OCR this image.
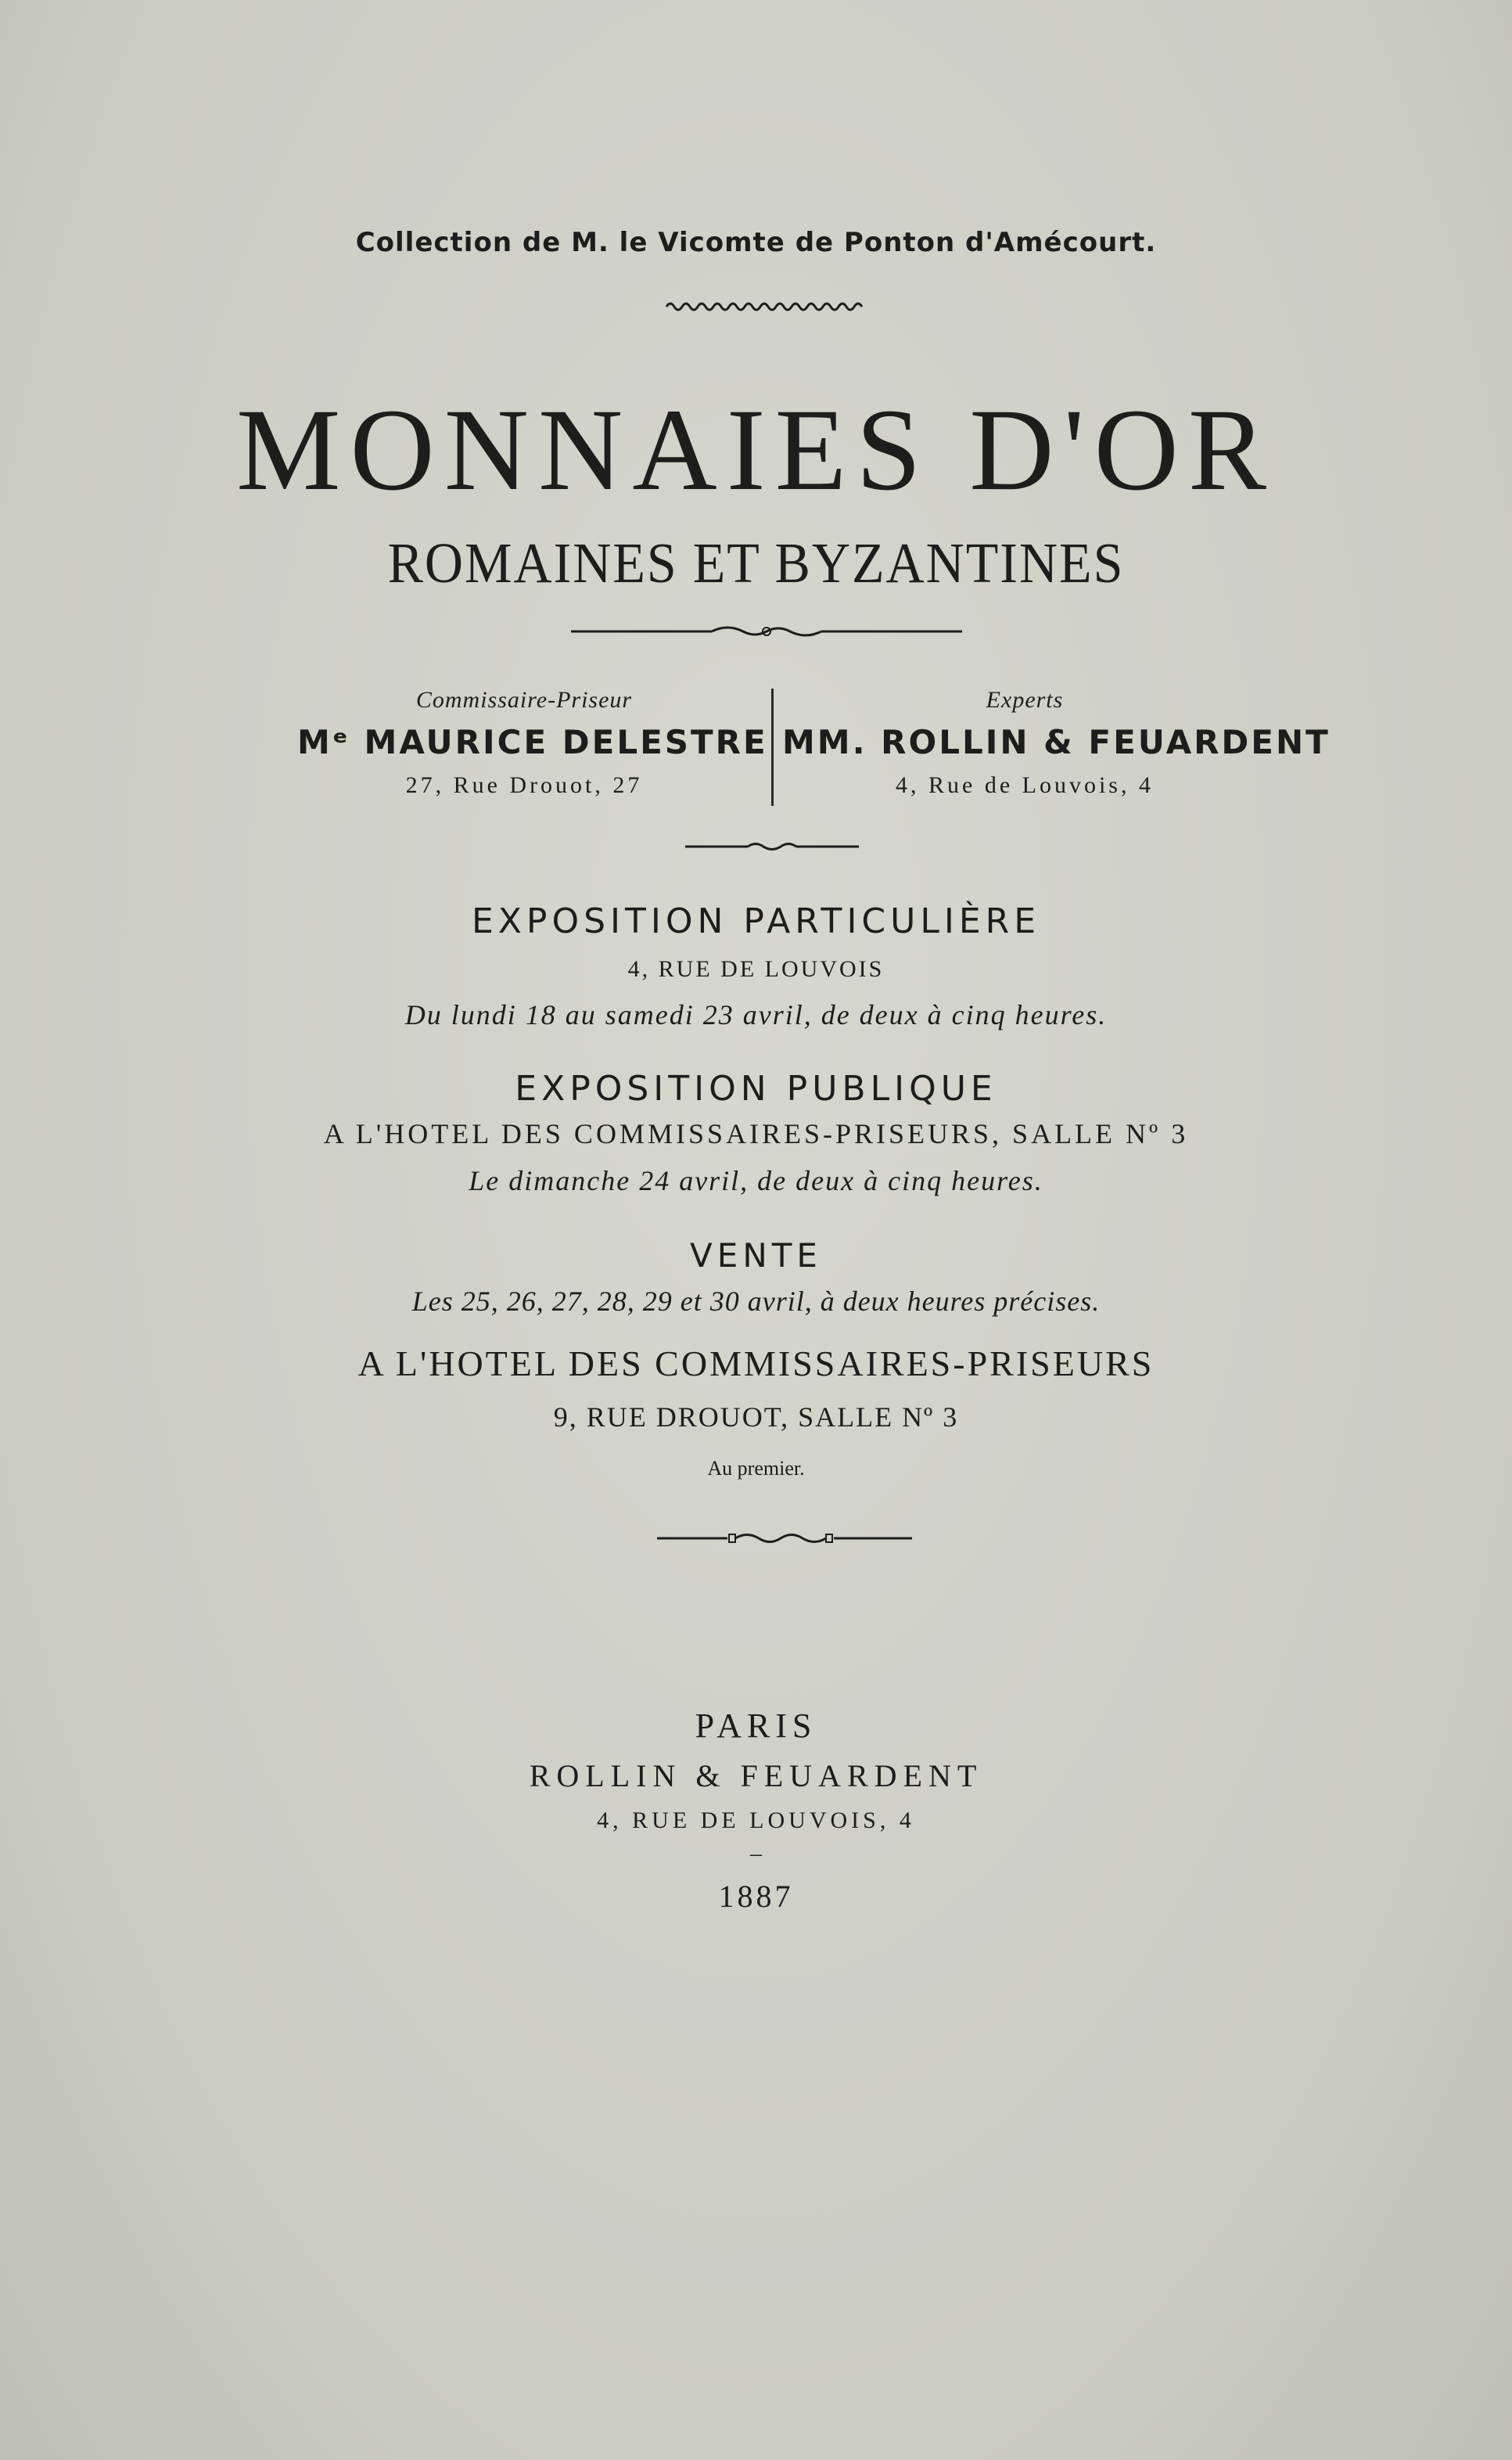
Collection de M. le Vicomte de Ponton d'Amécourt.
MONNAIES D'OR
ROMAINES ET BYZANTINES
Commissaire-Priseur
Mᵉ MAURICE DELESTRE
27, Rue Drouot, 27
Experts
MM. ROLLIN & FEUARDENT
4, Rue de Louvois, 4
EXPOSITION PARTICULIÈRE
4, RUE DE LOUVOIS
Du lundi 18 au samedi 23 avril, de deux à cinq heures.
EXPOSITION PUBLIQUE
A L'HOTEL DES COMMISSAIRES-PRISEURS, SALLE Nº 3
Le dimanche 24 avril, de deux à cinq heures.
VENTE
Les 25, 26, 27, 28, 29 et 30 avril, à deux heures précises.
A L'HOTEL DES COMMISSAIRES-PRISEURS
9, RUE DROUOT, SALLE Nº 3
Au premier.
PARIS
ROLLIN & FEUARDENT
4, RUE DE LOUVOIS, 4
–
1887
